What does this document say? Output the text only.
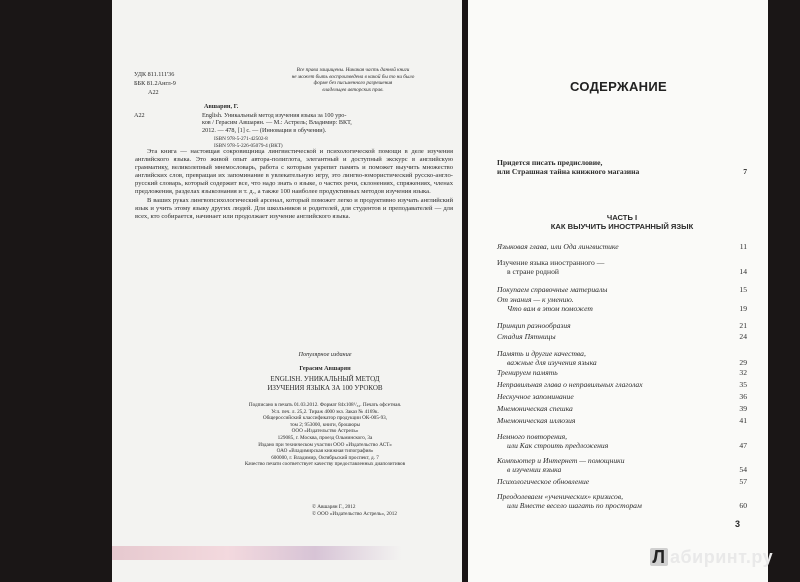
Все права защищены. Никакая часть данной книги
не может быть воспроизведена в какой бы то ни было
форме без письменного разрешения
владельцев авторских прав.
УДК 811.111'36
ББК 81.2Англ-9
А22
Авшарян, Г.
А22	English. Уникальный метод изучения языка за 100 уро-
ков / Герасим Авшарян. — М.: Астрель; Владимир: ВКТ,
2012. — 478, [1] с. — (Инновации в обучении).
ISBN 978-5-271-42502-8
ISBN 978-5-226-05079-4 (ВКТ)

Эта книга — настоящая сокровищница лингвистической и психологической помощи в деле изучения английского языка. Это живой опыт автора-полиглота, элегантный и доступный экскурс в английскую грамматику, великолепный мнемословарь, работа с которым укрепит память и поможет выучить множество английских слов, превращая их запоминание в увлекательную игру, это лингво-юмористический русско-англо-русский словарь, который содержит все, что надо знать о языке, о частях речи, склонениях, спряжениях, членах предложения, разделах языкознания и т. д., а также 100 наиболее продуктивных методов изучения языка.

В ваших руках лингвопсихологический арсенал, который поможет легко и продуктивно изучать английский язык и учить этому языку других людей. Для школьников и родителей, для студентов и преподавателей — для всех, кто собирается, начинает или продолжает изучение английского языка.

Популярное издание
Герасим Авшарян
ENGLISH. УНИКАЛЬНЫЙ МЕТОД
ИЗУЧЕНИЯ ЯЗЫКА ЗА 100 УРОКОВ
Подписано в печать 01.03.2012. Формат 84x108¹/₃₂. Печать офсетная.
Усл. печ. л. 25,2. Тираж 4000 экз. Заказ № 4169к.
Общероссийский классификатор продукции ОК-005-93,
том 2; 953000, книги, брошюры
ООО «Издательство Астрель»
129085, г. Москва, проезд Ольминского, 3а
Издано при техническом участии ООО «Издательство АСТ»
ОАО «Владимирская книжная типография»
600000, г. Владимир, Октябрьский проспект, д. 7
Качество печати соответствует качеству предоставленных диапозитивов
© Авшарян Г., 2012
© ООО «Издательство Астрель», 2012
СОДЕРЖАНИЕ
Придется писать предисловие,
или Страшная тайна книжного магазина	7
ЧАСТЬ I
КАК ВЫУЧИТЬ ИНОСТРАННЫЙ ЯЗЫК
Языковая глава, или Ода лингвистике	11
Изучение языка иностранного —
в стране родной	14
Покупаем справочные материалы	15
От знания — к умению.
Что вам в этом поможет	19
Принцип разнообразия	21
Стадия Пятницы	24
Память и другие качества,
важные для изучения языка	29
Тренируем память	32
Неправильная глава о неправильных глаголах	35
Нескучное запоминание	36
Мнемоническая спешка	39
Мнемоническая иллюзия	41
Немного повторения,
или Как строить предложения	47
Компьютер и Интернет — помощники
в изучении языка	54
Психологическое обновление	57
Преодолеваем «ученических» кризисов,
или Вместе весело шагать по просторам	60
3
Л абиринт.ру
